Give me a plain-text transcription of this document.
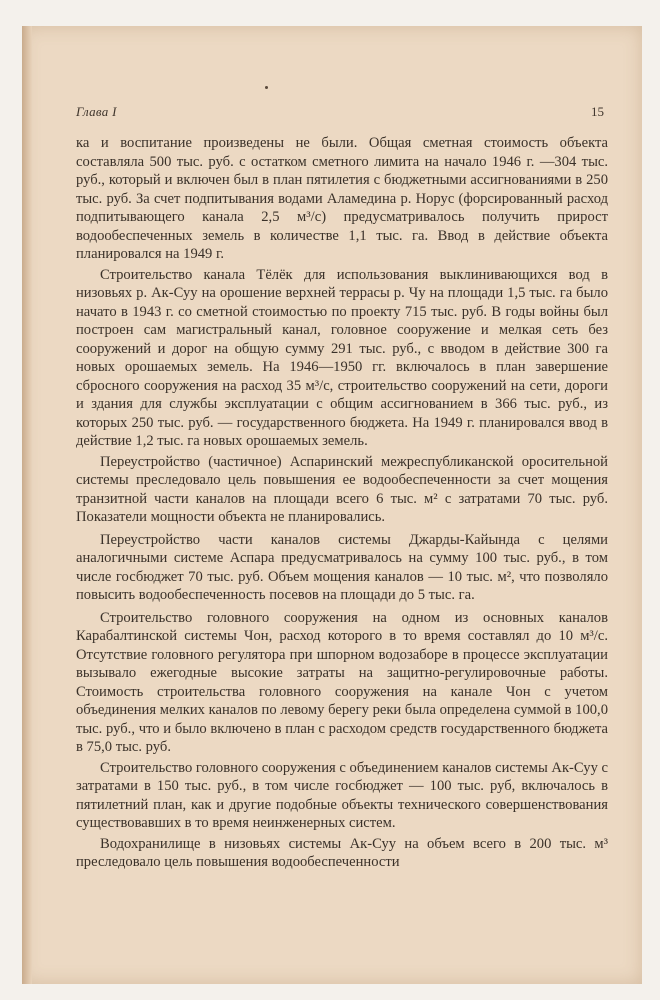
Глава I	15

ка и воспитание произведены не были. Общая сметная стоимость объекта составляла 500 тыс. руб. с остатком сметного лимита на начало 1946 г. —304 тыс. руб., который и включен был в план пятилетия с бюджетными ассигнованиями в 250 тыс. руб. За счет подпитывания водами Аламедина р. Норус (форсированный расход подпитывающего канала 2,5 м³/с) предусматривалось получить прирост водообеспеченных земель в количестве 1,1 тыс. га. Ввод в действие объекта планировался на 1949 г.

Строительство канала Тёлёк для использования выклинивающихся вод в низовьях р. Ак-Суу на орошение верхней террасы р. Чу на площади 1,5 тыс. га было начато в 1943 г. со сметной стоимостью по проекту 715 тыс. руб. В годы войны был построен сам магистральный канал, головное сооружение и мелкая сеть без сооружений и дорог на общую сумму 291 тыс. руб., с вводом в действие 300 га новых орошаемых земель. На 1946—1950 гг. включалось в план завершение сбросного сооружения на расход 35 м³/с, строительство сооружений на сети, дороги и здания для службы эксплуатации с общим ассигнованием в 366 тыс. руб., из которых 250 тыс. руб. — государственного бюджета. На 1949 г. планировался ввод в действие 1,2 тыс. га новых орошаемых земель.

Переустройство (частичное) Аспаринский межреспубликанской оросительной системы преследовало цель повышения ее водообеспеченности за счет мощения транзитной части каналов на площади всего 6 тыс. м² с затратами 70 тыс. руб. Показатели мощности объекта не планировались.

Переустройство части каналов системы Джарды-Кайында с целями аналогичными системе Аспара предусматривалось на сумму 100 тыс. руб., в том числе госбюджет 70 тыс. руб. Объем мощения каналов — 10 тыс. м², что позволяло повысить водообеспеченность посевов на площади до 5 тыс. га.

Строительство головного сооружения на одном из основных каналов Карабалтинской системы Чон, расход которого в то время составлял до 10 м³/с. Отсутствие головного регулятора при шпорном водозаборе в процессе эксплуатации вызывало ежегодные высокие затраты на защитно-регулировочные работы. Стоимость строительства головного сооружения на канале Чон с учетом объединения мелких каналов по левому берегу реки была определена суммой в 100,0 тыс. руб., что и было включено в план с расходом средств государственного бюджета в 75,0 тыс. руб.

Строительство головного сооружения с объединением каналов системы Ак-Суу с затратами в 150 тыс. руб., в том числе госбюджет — 100 тыс. руб, включалось в пятилетний план, как и другие подобные объекты технического совершенствования существовавших в то время неинженерных систем.

Водохранилище в низовьях системы Ак-Суу на объем всего в 200 тыс. м³ преследовало цель повышения водообеспеченности
